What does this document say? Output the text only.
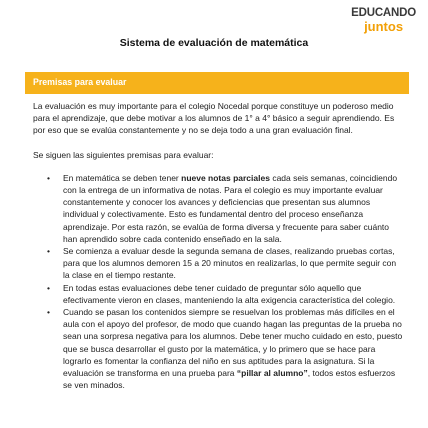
EDUCANDO
juntos
Sistema de evaluación de matemática
Premisas para evaluar

La evaluación es muy importante para el colegio Nocedal porque constituye un poderoso medio para el aprendizaje, que debe motivar a los alumnos de 1° a 4° básico a seguir aprendiendo. Es por eso que se evalúa constantemente y no se deja todo a una gran evaluación final.

Se siguen las siguientes premisas para evaluar:

• En matemática se deben tener nueve notas parciales cada seis semanas, coincidiendo con la entrega de un informativa de notas. Para el colegio es muy importante evaluar constantemente y conocer los avances y deficiencias que presentan sus alumnos individual y colectivamente. Esto es fundamental dentro del proceso enseñanza aprendizaje. Por esta razón, se evalúa de forma diversa y frecuente para saber cuánto han aprendido sobre cada contenido enseñado en la sala.
• Se comienza a evaluar desde la segunda semana de clases, realizando pruebas cortas, para que los alumnos demoren 15 a 20 minutos en realizarlas, lo que permite seguir con la clase en el tiempo restante.
• En todas estas evaluaciones debe tener cuidado de preguntar sólo aquello que efectivamente vieron en clases, manteniendo la alta exigencia característica del colegio.
• Cuando se pasan los contenidos siempre se resuelvan los problemas más difíciles en el aula con el apoyo del profesor, de modo que cuando hagan las preguntas de la prueba no sean una sorpresa negativa para los alumnos. Debe tener mucho cuidado en esto, puesto que se busca desarrollar el gusto por la matemática, y lo primero que se hace para lograrlo es fomentar la confianza del niño en sus aptitudes para la asignatura. Si la evaluación se transforma en una prueba para “pillar al alumno”, todos estos esfuerzos se ven minados.
